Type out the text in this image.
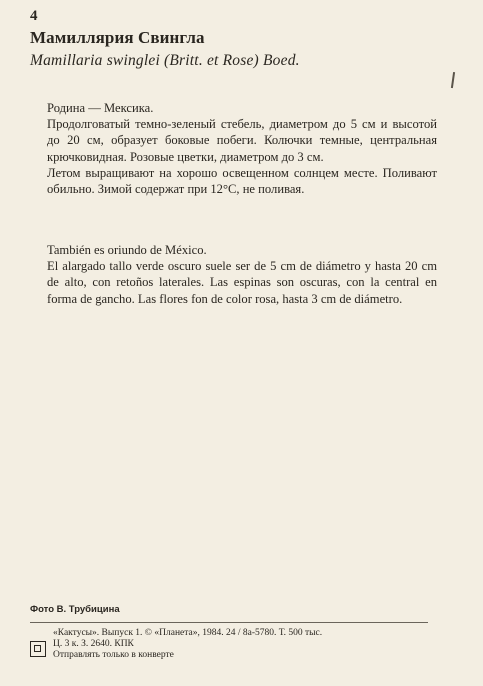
4
Мамиллярия Свингла
Mamillaria swinglei (Britt. et Rose) Boed.

Родина — Мексика.

Продолговатый темно-зеленый стебель, диаметром до 5 см и высотой до 20 см, образует боковые побеги. Колючки темные, центральная крючковидная. Розовые цветки, диаметром до 3 см.

Летом выращивают на хорошо освещенном солнцем месте. Поливают обильно. Зимой содержат при 12°С, не поливая.

También es oriundo de México.

El alargado tallo verde oscuro suele ser de 5 cm de diámetro y hasta 20 cm de alto, con retoños laterales. Las espinas son oscuras, con la central en forma de gancho. Las flores fon de color rosa, hasta 3 cm de diámetro.

Фото В. Трубицина
«Кактусы». Выпуск 1. © «Планета», 1984. 24 / 8а-5780. Т. 500 тыс.
Ц. 3 к. З. 2640. КПК
Отправлять только в конверте
